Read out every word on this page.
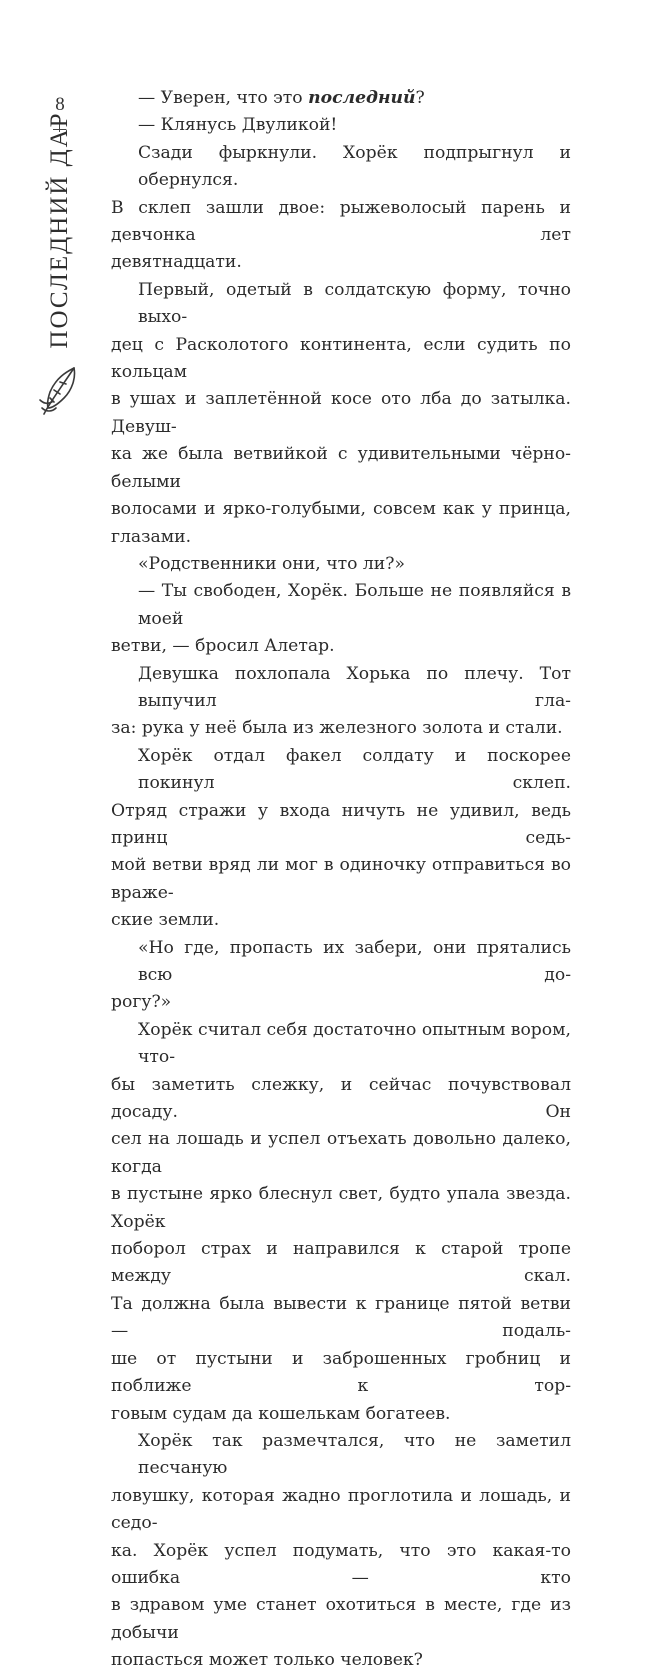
8
ПОСЛЕДНИЙ ДАР
— Уверен, что это последний?
— Клянусь Двуликой!
Сзади фыркнули. Хорёк подпрыгнул и обернулся.
В склеп зашли двое: рыжеволосый парень и девчонка лет
девятнадцати.
Первый, одетый в солдатскую форму, точно выхо-
дец с Расколотого континента, если судить по кольцам
в ушах и заплетённой косе ото лба до затылка. Девуш-
ка же была ветвийкой с удивительными чёрно-белыми
волосами и ярко-голубыми, совсем как у принца, глазами.
«Родственники они, что ли?»
— Ты свободен, Хорёк. Больше не появляйся в моей
ветви, — бросил Алетар.
Девушка похлопала Хорька по плечу. Тот выпучил гла-
за: рука у неё была из железного золота и стали.
Хорёк отдал факел солдату и поскорее покинул склеп.
Отряд стражи у входа ничуть не удивил, ведь принц седь-
мой ветви вряд ли мог в одиночку отправиться во враже-
ские земли.
«Но где, пропасть их забери, они прятались всю до-
рогу?»
Хорёк считал себя достаточно опытным вором, что-
бы заметить слежку, и сейчас почувствовал досаду. Он
сел на лошадь и успел отъехать довольно далеко, когда
в пустыне ярко блеснул свет, будто упала звезда. Хорёк
поборол страх и направился к старой тропе между скал.
Та должна была вывести к границе пятой ветви — подаль-
ше от пустыни и заброшенных гробниц и поближе к тор-
говым судам да кошелькам богатеев.
Хорёк так размечтался, что не заметил песчаную
ловушку, которая жадно проглотила и лошадь, и седо-
ка. Хорёк успел подумать, что это какая-то ошибка — кто
в здравом уме станет охотиться в месте, где из добычи
попасться может только человек?
